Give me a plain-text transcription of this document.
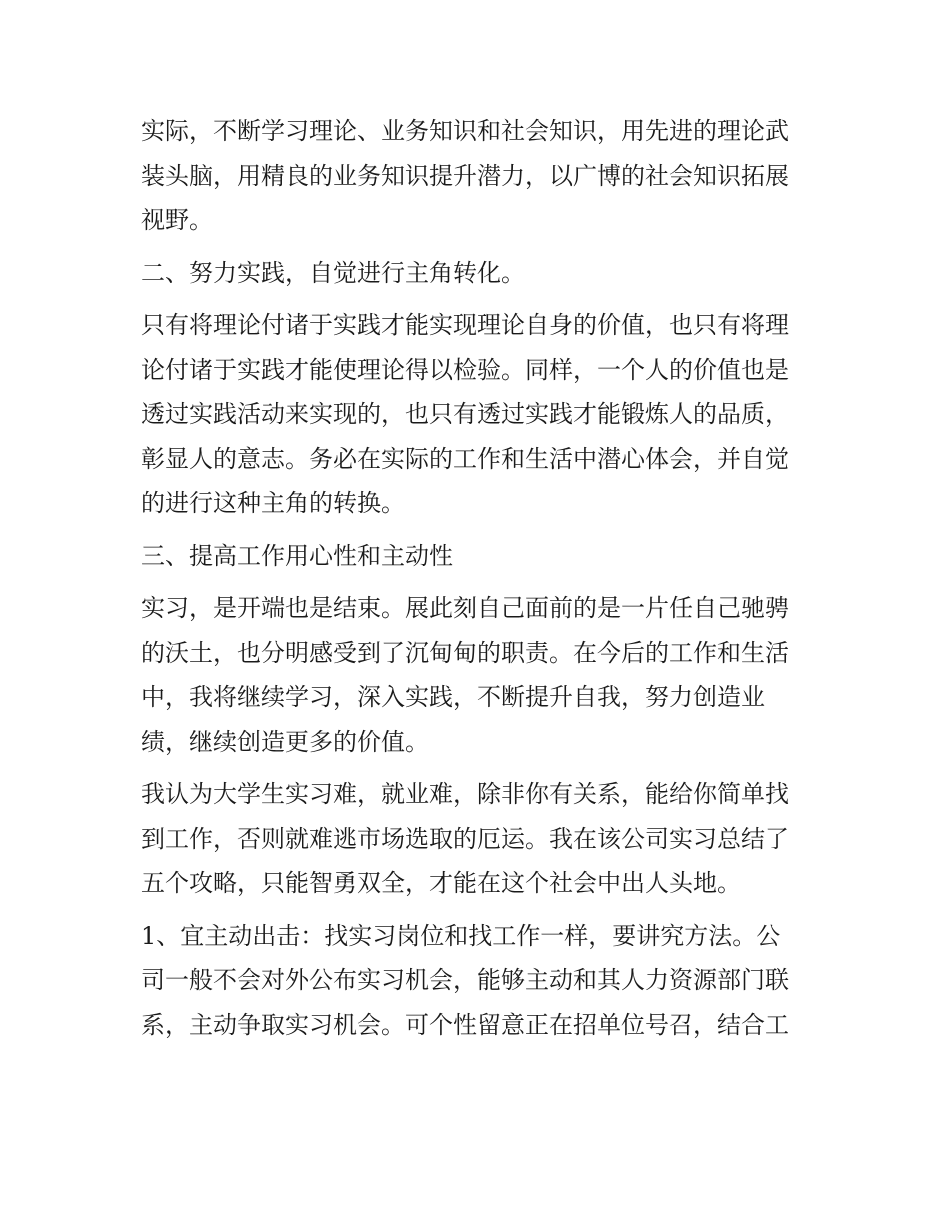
实际，不断学习理论、业务知识和社会知识，用先进的理论武

装头脑，用精良的业务知识提升潜力，以广博的社会知识拓展

视野。

二、努力实践，自觉进行主角转化。

只有将理论付诸于实践才能实现理论自身的价值，也只有将理

论付诸于实践才能使理论得以检验。同样，一个人的价值也是

透过实践活动来实现的，也只有透过实践才能锻炼人的品质，

彰显人的意志。务必在实际的工作和生活中潜心体会，并自觉

的进行这种主角的转换。

三、提高工作用心性和主动性

实习，是开端也是结束。展此刻自己面前的是一片任自己驰骋

的沃土，也分明感受到了沉甸甸的职责。在今后的工作和生活

中，我将继续学习，深入实践，不断提升自我，努力创造业

绩，继续创造更多的价值。

我认为大学生实习难，就业难，除非你有关系，能给你简单找

到工作，否则就难逃市场选取的厄运。我在该公司实习总结了

五个攻略，只能智勇双全，才能在这个社会中出人头地。

1、宜主动出击：找实习岗位和找工作一样，要讲究方法。公

司一般不会对外公布实习机会，能够主动和其人力资源部门联

系，主动争取实习机会。可个性留意正在招单位号召，结合工
